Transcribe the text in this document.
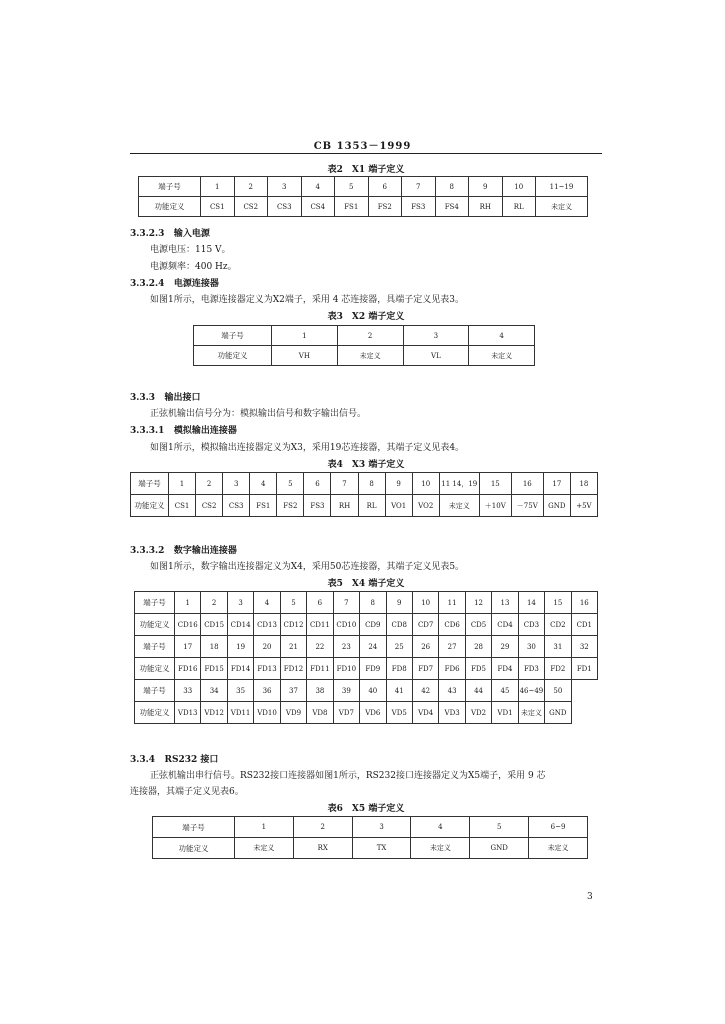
CB 1353－1999
表2　X1 端子定义
端子号	1	2	3	4	5	6	7	8	9	10	11~19
功能定义	CS1	CS2	CS3	CS4	FS1	FS2	FS3	FS4	RH	RL	未定义
3.3.2.3 输入电源
电源电压：115 V。
电源频率：400 Hz。
3.3.2.4 电源连接器
如图1所示，电源连接器定义为X2端子，采用 4 芯连接器，具端子定义见表3。
表3　X2 端子定义
端子号	1	2	3	4
功能定义	VH	未定义	VL	未定义
3.3.3 输出接口
正弦机输出信号分为：模拟输出信号和数字输出信号。
3.3.3.1 模拟输出连接器
如图1所示，模拟输出连接器定义为X3，采用19芯连接器，其端子定义见表4。
表4　X3 端子定义
端子号	1	2	3	4	5	6	7	8	9	10	11 14，19	15	16	17	18
功能定义	CS1	CS2	CS3	FS1	FS2	FS3	RH	RL	VO1	VO2	未定义	＋10V	－75V	GND	+5V
3.3.3.2 数字输出连接器
如图1所示，数字输出连接器定义为X4，采用50芯连接器，其端子定义见表5。
表5　X4 端子定义
端子号	1	2	3	4	5	6	7	8	9	10	11	12	13	14	15	16
功能定义	CD16	CD15	CD14	CD13	CD12	CD11	CD10	CD9	CD8	CD7	CD6	CD5	CD4	CD3	CD2	CD1
端子号	17	18	19	20	21	22	23	24	25	26	27	28	29	30	31	32
功能定义	FD16	FD15	FD14	FD13	FD12	FD11	FD10	FD9	FD8	FD7	FD6	FD5	FD4	FD3	FD2	FD1
端子号	33	34	35	36	37	38	39	40	41	42	43	44	45	46~49	50	
功能定义	VD13	VD12	VD11	VD10	VD9	VD8	VD7	VD6	VD5	VD4	VD3	VD2	VD1	未定义	GND	
3.3.4 RS232 接口
正弦机输出串行信号。RS232接口连接器如图1所示，RS232接口连接器定义为X5端子，采用 9 芯
连接器，其端子定义见表6。
表6　X5 端子定义
端子号	1	2	3	4	5	6~9
功能定义	未定义	RX	TX	未定义	GND	未定义
3
